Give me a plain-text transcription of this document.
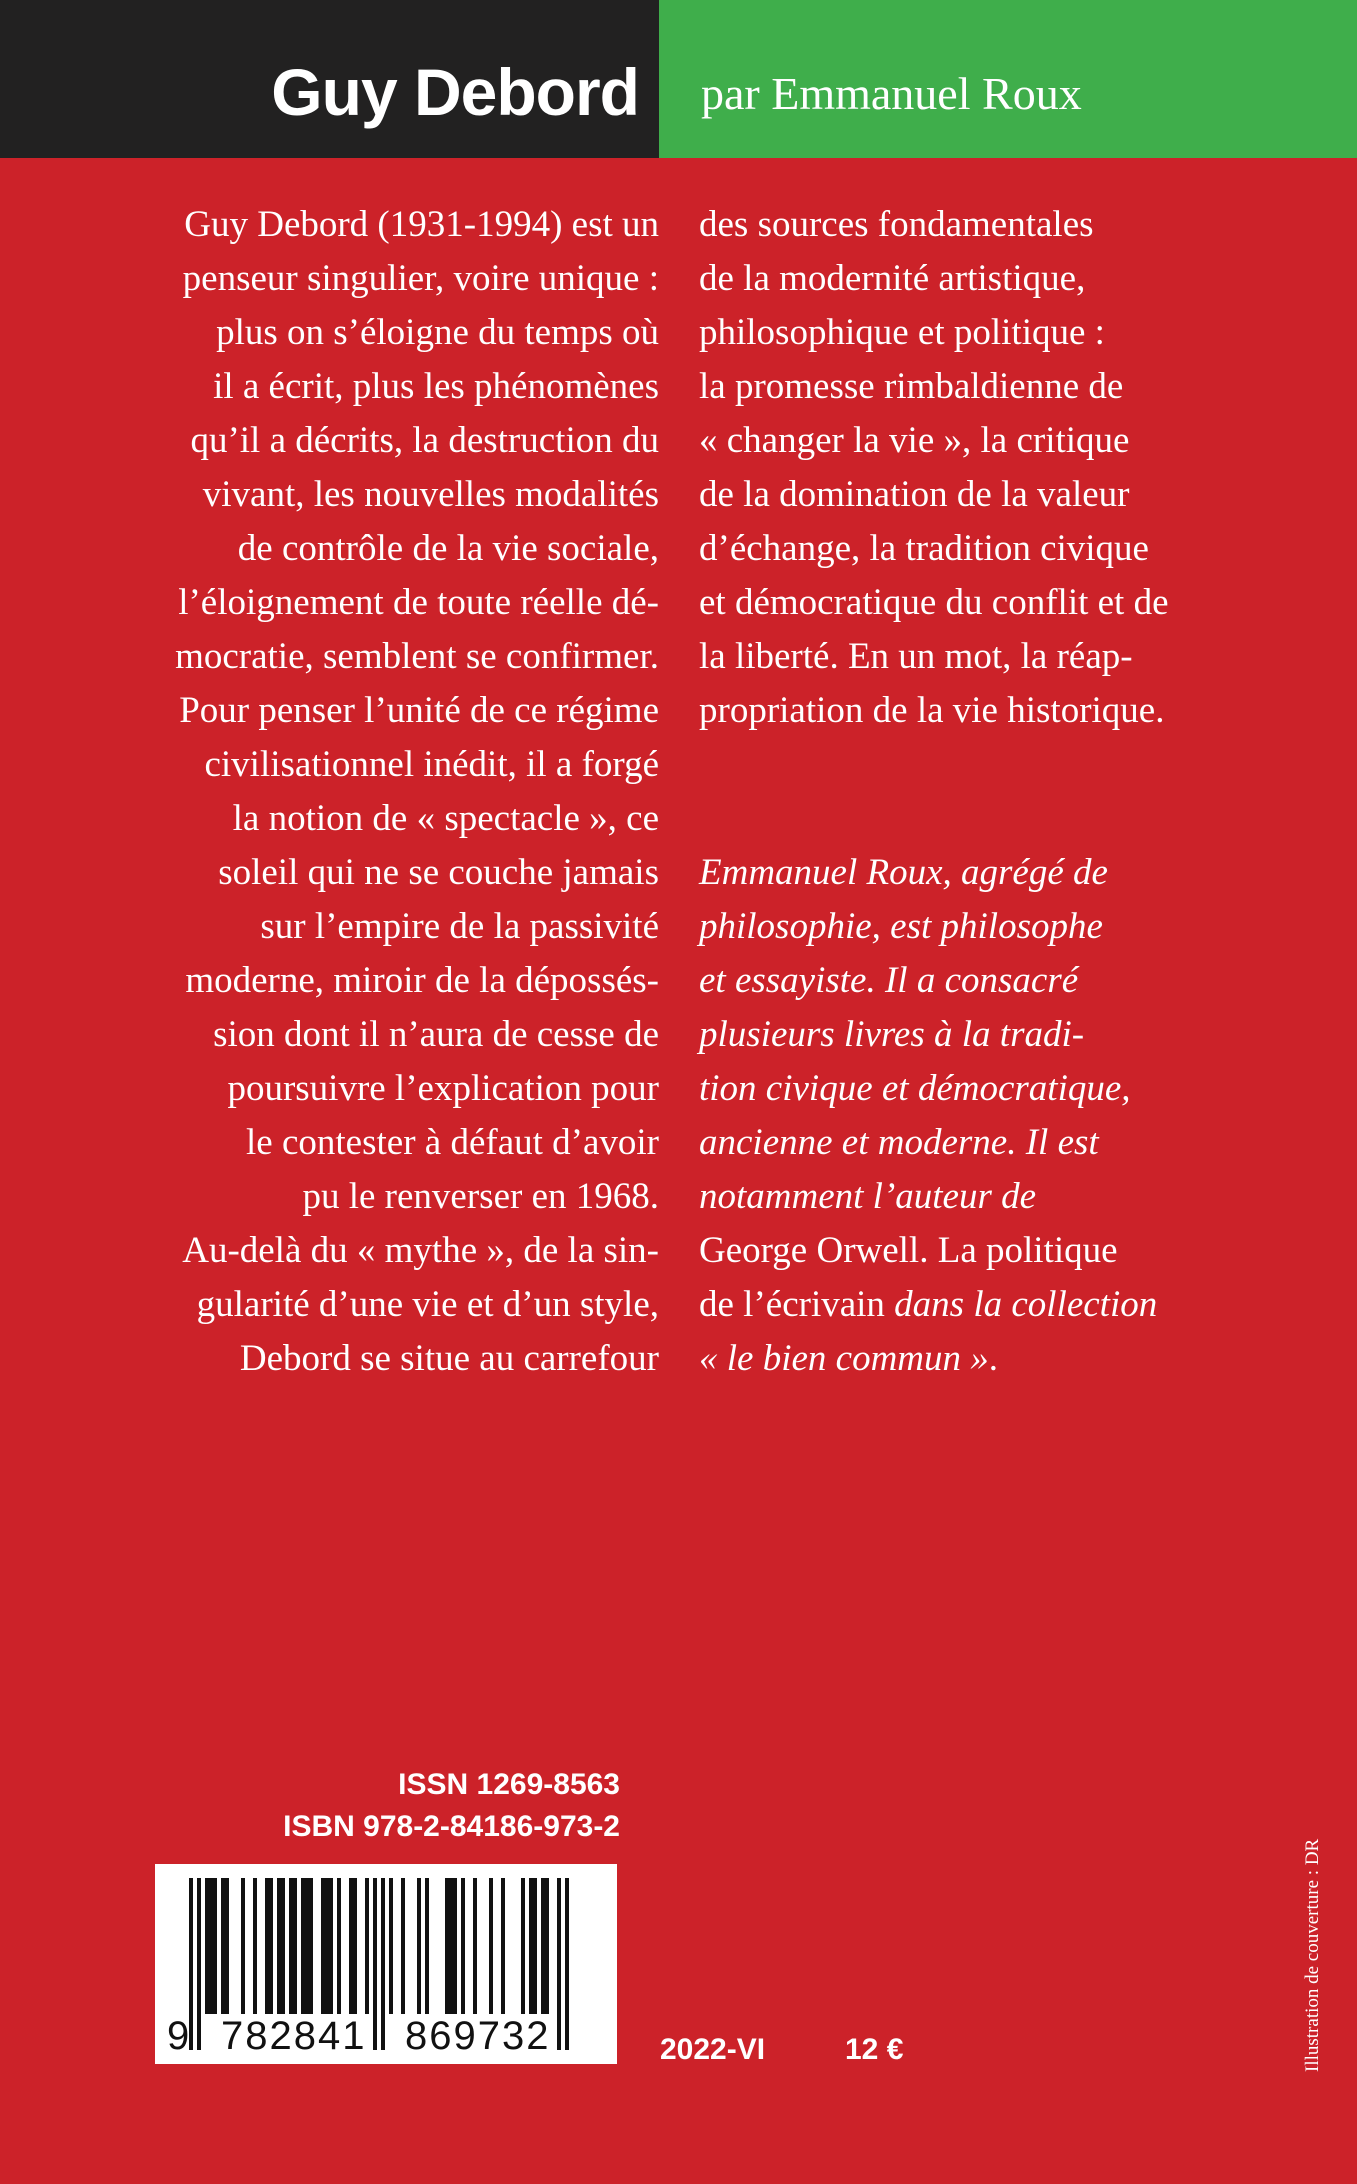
Guy Debord par Emmanuel Roux
Guy Debord (1931-1994) est un
penseur singulier, voire unique :
plus on s’éloigne du temps où
il a écrit, plus les phénomènes
qu’il a décrits, la destruction du
vivant, les nouvelles modalités
de contrôle de la vie sociale,
l’éloignement de toute réelle dé-
mocratie, semblent se confirmer.
Pour penser l’unité de ce régime
civilisationnel inédit, il a forgé
la notion de « spectacle », ce
soleil qui ne se couche jamais
sur l’empire de la passivité
moderne, miroir de la dépossés-
sion dont il n’aura de cesse de
poursuivre l’explication pour
le contester à défaut d’avoir
pu le renverser en 1968.
Au-delà du « mythe », de la sin-
gularité d’une vie et d’un style,
Debord se situe au carrefour
des sources fondamentales
de la modernité artistique,
philosophique et politique :
la promesse rimbaldienne de
« changer la vie », la critique
de la domination de la valeur
d’échange, la tradition civique
et démocratique du conflit et de
la liberté. En un mot, la réap-
propriation de la vie historique.
Emmanuel Roux, agrégé de
philosophie, est philosophe
et essayiste. Il a consacré
plusieurs livres à la tradi-
tion civique et démocratique,
ancienne et moderne. Il est
notamment l’auteur de
George Orwell. La politique
de l’écrivain dans la collection
« le bien commun ».
ISSN 1269-8563
ISBN 978-2-84186-973-2
9 782841 869732	2022-VI	12 €	Illustration de couverture : DR
